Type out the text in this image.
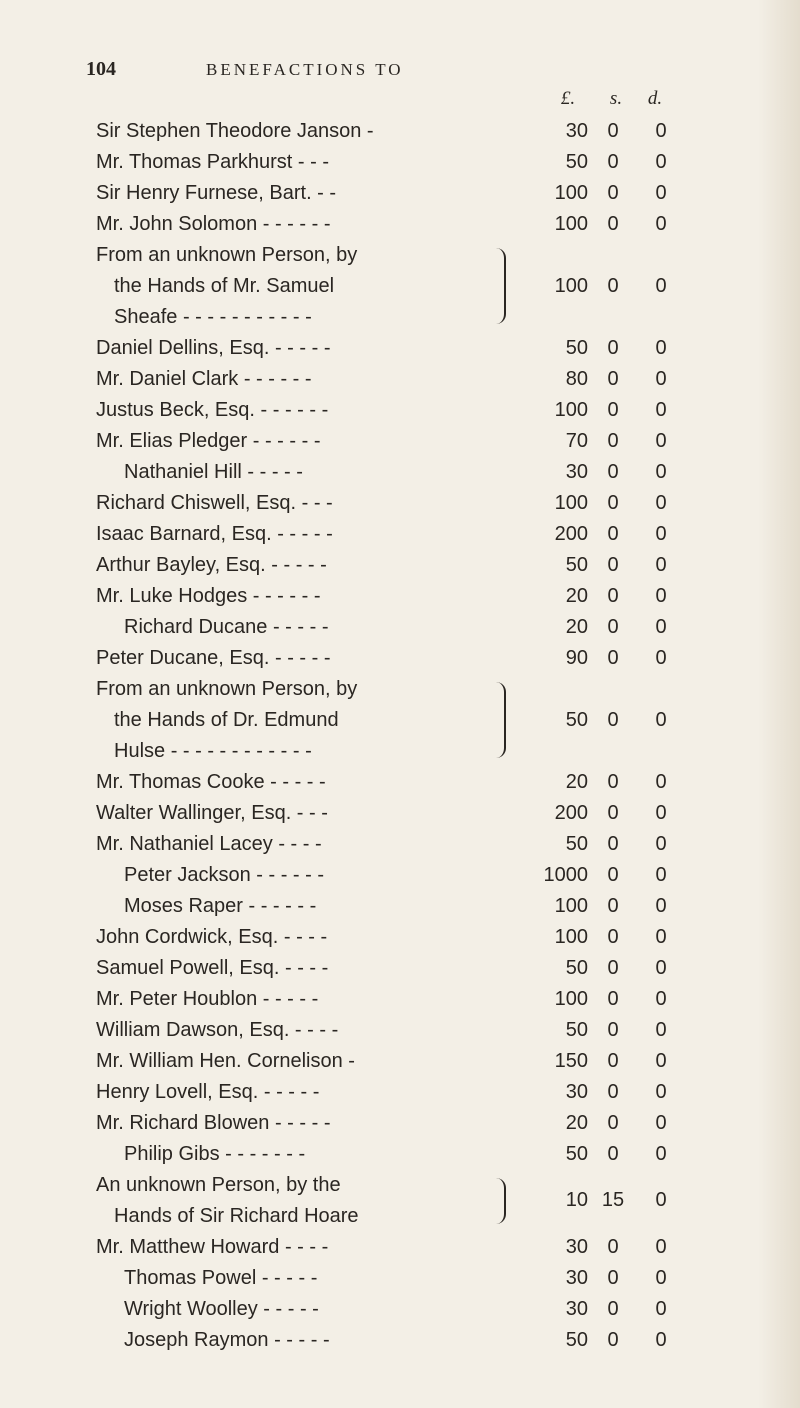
104	BENEFACTIONS TO
£.	s.	d.
Sir Stephen Theodore Janson -	30 0	0
Mr. Thomas Parkhurst - - -	50 0	0
Sir Henry Furnese, Bart. - -	100 0	0
Mr. John Solomon - - - - - -	100 0	0
From an unknown Person, by
the Hands of Mr. Samuel
Sheafe - - - - - - - - - - -
100 0	0
Daniel Dellins, Esq. - - - - -	50 0	0
Mr. Daniel Clark - - - - - -	80 0	0
Justus Beck, Esq. - - - - - -	100 0	0
Mr. Elias Pledger - - - - - -	70 0	0
Nathaniel Hill - - - - -	30 0	0
Richard Chiswell, Esq. - - -	100 0	0
Isaac Barnard, Esq. - - - - -	200 0	0
Arthur Bayley, Esq. - - - - -	50 0	0
Mr. Luke Hodges - - - - - -	20 0	0
Richard Ducane - - - - -	20 0	0
Peter Ducane, Esq. - - - - -	90 0	0
From an unknown Person, by
the Hands of Dr. Edmund
Hulse - - - - - - - - - - - -
50 0	0
Mr. Thomas Cooke - - - - -	20 0	0
Walter Wallinger, Esq. - - -	200 0	0
Mr. Nathaniel Lacey - - - -	50 0	0
Peter Jackson - - - - - -	1000 0	0
Moses Raper - - - - - -	100 0	0
John Cordwick, Esq. - - - -	100 0	0
Samuel Powell, Esq. - - - -	50 0	0
Mr. Peter Houblon - - - - -	100 0	0
William Dawson, Esq. - - - -	50 0	0
Mr. William Hen. Cornelison -	150 0	0
Henry Lovell, Esq. - - - - -	30 0	0
Mr. Richard Blowen - - - - -	20 0	0
Philip Gibs - - - - - - -	50 0	0
An unknown Person, by the
Hands of Sir Richard Hoare
10 15	0
Mr. Matthew Howard - - - -	30 0	0
Thomas Powel - - - - -	30 0	0
Wright Woolley - - - - -	30 0	0
Joseph Raymon - - - - -	50 0	0
